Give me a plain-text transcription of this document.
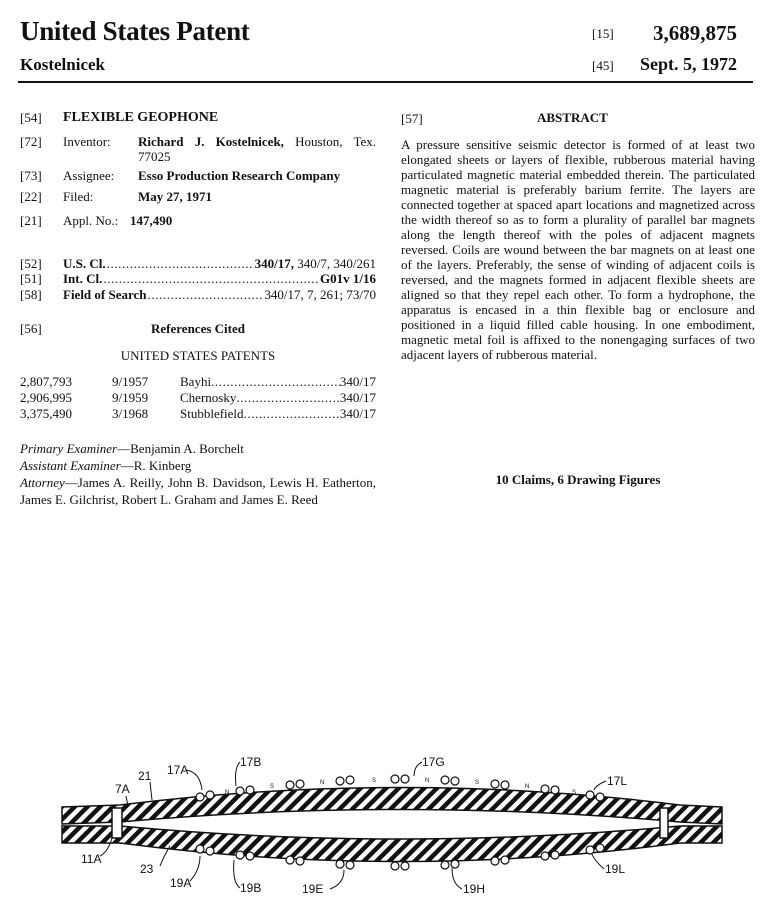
United States Patent
Kostelnicek
[15] 3,689,875
[45] Sept. 5, 1972
[54] FLEXIBLE GEOPHONE
[72] Inventor: Richard J. Kostelnicek, Houston, Tex. 77025
[73] Assignee: Esso Production Research Company
[22] Filed:	May 27, 1971
[21] Appl. No.: 147,490
[52]	U.S. Cl. .....	340/17, 340/7, 340/261
[51]	Int. Cl. .....	G01v 1/16
[58]	Field of Search .....	340/17, 7, 261; 73/70
[56]	References Cited
UNITED STATES PATENTS
2,807,793	9/1957	Bayhi .....	340/17
2,906,995	9/1959	Chernosky .....	340/17
3,375,490	3/1968	Stubblefield .....	340/17
Primary Examiner—Benjamin A. Borchelt
Assistant Examiner—R. Kinberg
Attorney—James A. Reilly, John B. Davidson, Lewis H. Eatherton, James E. Gilchrist, Robert L. Graham and James E. Reed
[57]	ABSTRACT
A pressure sensitive seismic detector is formed of at least two elongated sheets or layers of flexible, rubberous material having particulated magnetic material embedded therein. The particulated magnetic material is preferably barium ferrite. The layers are connected together at spaced apart locations and magnetized across the width thereof so as to form a plurality of parallel bar magnets along the length thereof with the poles of adjacent magnets reversed. Coils are wound between the bar magnets on at least one of the layers. Preferably, the sense of winding of adjacent coils is reversed, and the magnets formed in adjacent flexible sheets are aligned so that they repel each other. To form a hydrophone, the apparatus is encased in a thin flexible bag or enclosure and positioned in a liquid filled cable housing. In one embodiment, magnetic metal foil is affixed to the nonengaging surfaces of two adjacent layers of rubberous material.
10 Claims, 6 Drawing Figures
N
S
N	S	N	S
N
S
7A
21 17A
17B	17G
17L
11A
23
19A	19B	19E	19H
19L
